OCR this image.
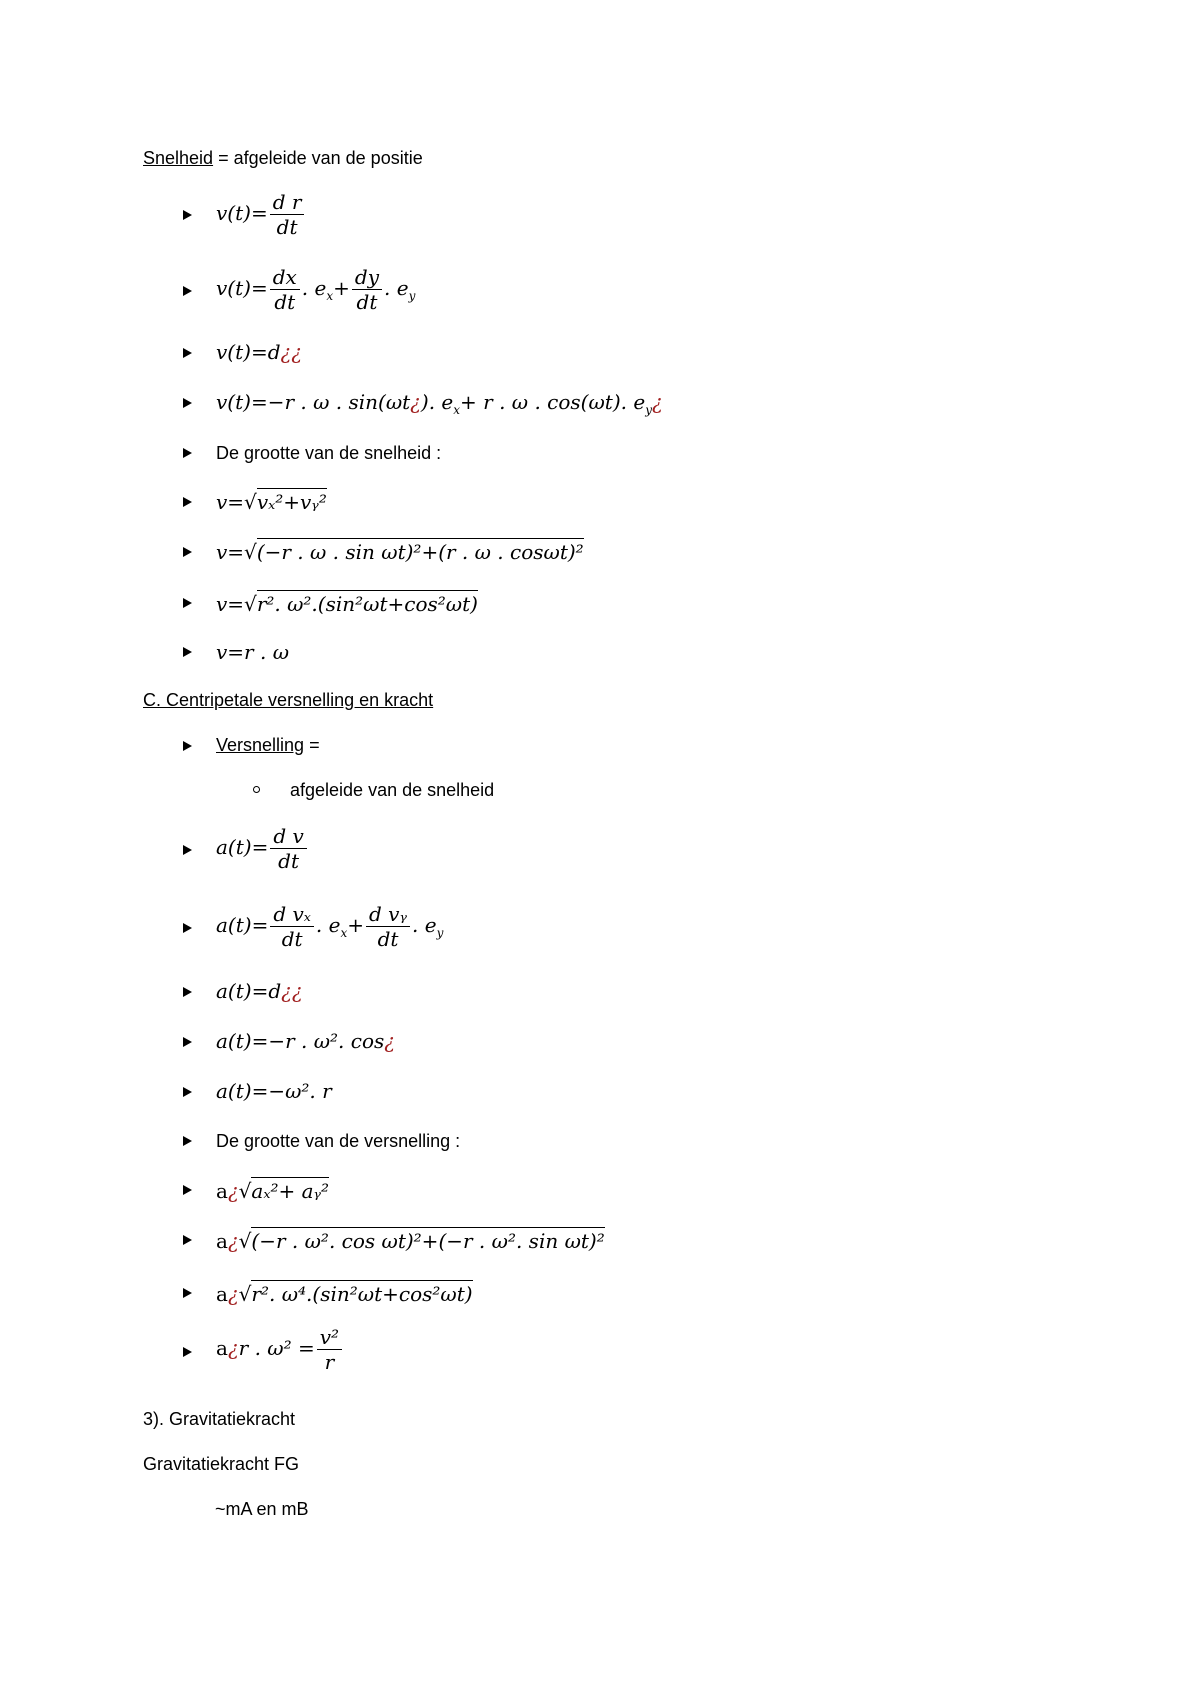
Snelheid = afgeleide van de positie
$v(t)= \frac{\text{d r}}{dt}$
$v(t)= \frac{dx}{dt}$ . $e_x+ \frac{dy}{dt}$ . $e_y$
v(t)=d¿¿
v(t)=−r . ω . sin(ωt¿). $e_x+ r$ . ω . cos(ωt). $e_y¿$
De grootte van de snelheid :
v=√vₓ²+vᵧ²
v=√(−r . ω . sin ωt)²+(r . ω . cosωt)²
v=√r². ω².(sin²ωt+cos²ωt)
v=r . ω
C. Centripetale versnelling en kracht
Versnelling =
afgeleide van de snelheid
$a(t)= \frac{\text{d v}}{dt}$
$a(t)= \frac{\text{d vₓ}}{dt}$ . $e_x+ \frac{\text{d vᵧ}}{dt}$ . $e_y$
a(t)=d¿¿
a(t)=−r . ω². cos¿
a(t)=−ω². r
De grootte van de versnelling :
a¿√aₓ²+ aᵧ²
a¿√(−r . ω². cos ωt)²+(−r . ω². sin ωt)²
a¿√r². ω⁴.(sin²ωt+cos²ωt)
a¿r . $\omega^2 = \frac{\text{v²}}{r}$
3). Gravitatiekracht
Gravitatiekracht FG
~mA en mB
